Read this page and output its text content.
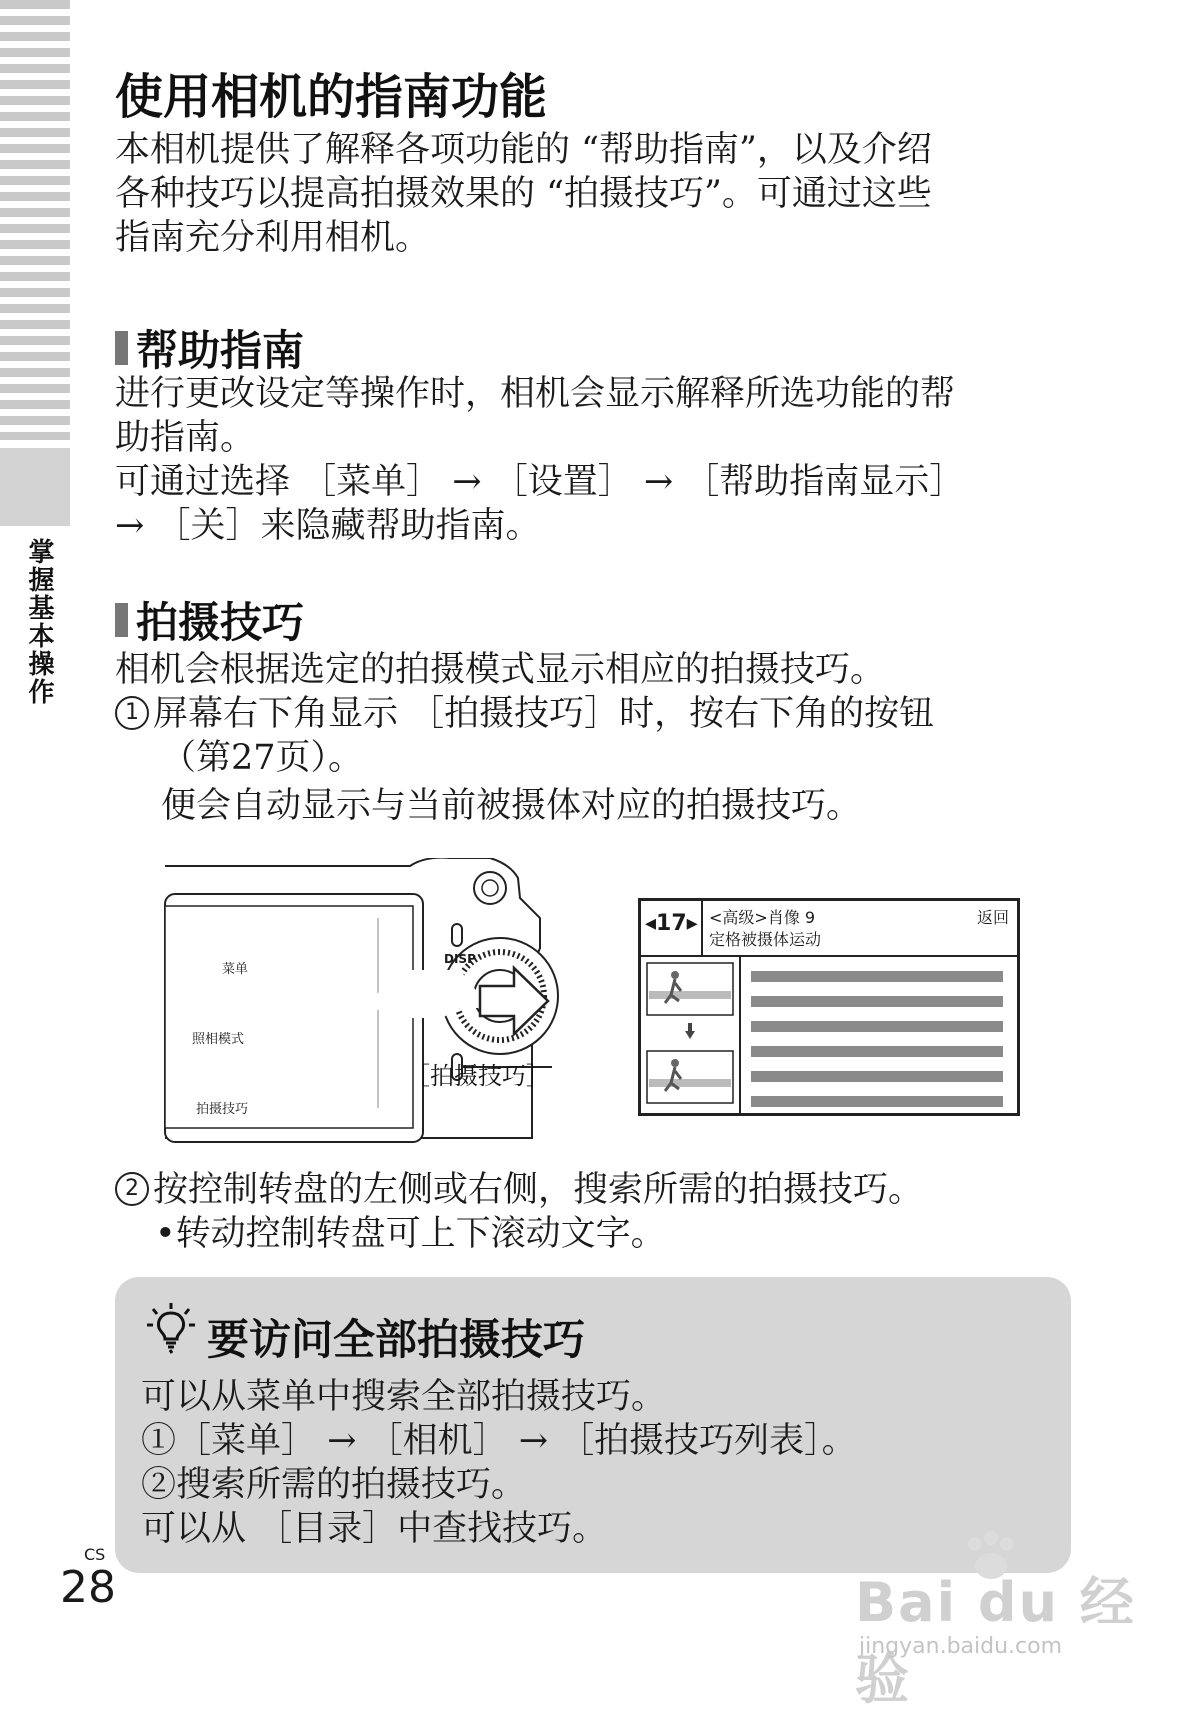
掌握基本操作
使用相机的指南功能
本相机提供了解释各项功能的 “帮助指南”，以及介绍
各种技巧以提高拍摄效果的 “拍摄技巧”。可通过这些
指南充分利用相机。
帮助指南
进行更改设定等操作时，相机会显示解释所选功能的帮
助指南。
可通过选择 ［菜单］ → ［设置］ → ［帮助指南显示］
→ ［关］来隐藏帮助指南。
拍摄技巧
相机会根据选定的拍摄模式显示相应的拍摄技巧。
1 屏幕右下角显示 ［拍摄技巧］时，按右下角的按钮
（第27页）。
便会自动显示与当前被摄体对应的拍摄技巧。
菜单
照相模式
拍摄技巧
DISP
［拍摄技巧］
◂17▸ <高级>肖像 9
定格被摄体运动
返回
2 按控制转盘的左侧或右侧，搜索所需的拍摄技巧。
•转动控制转盘可上下滚动文字。
要访问全部拍摄技巧
可以从菜单中搜索全部拍摄技巧。
①［菜单］ → ［相机］ → ［拍摄技巧列表］。
②搜索所需的拍摄技巧。
可以从 ［目录］中查找技巧。
CS
28	Bai du 经验
jingyan.baidu.com
